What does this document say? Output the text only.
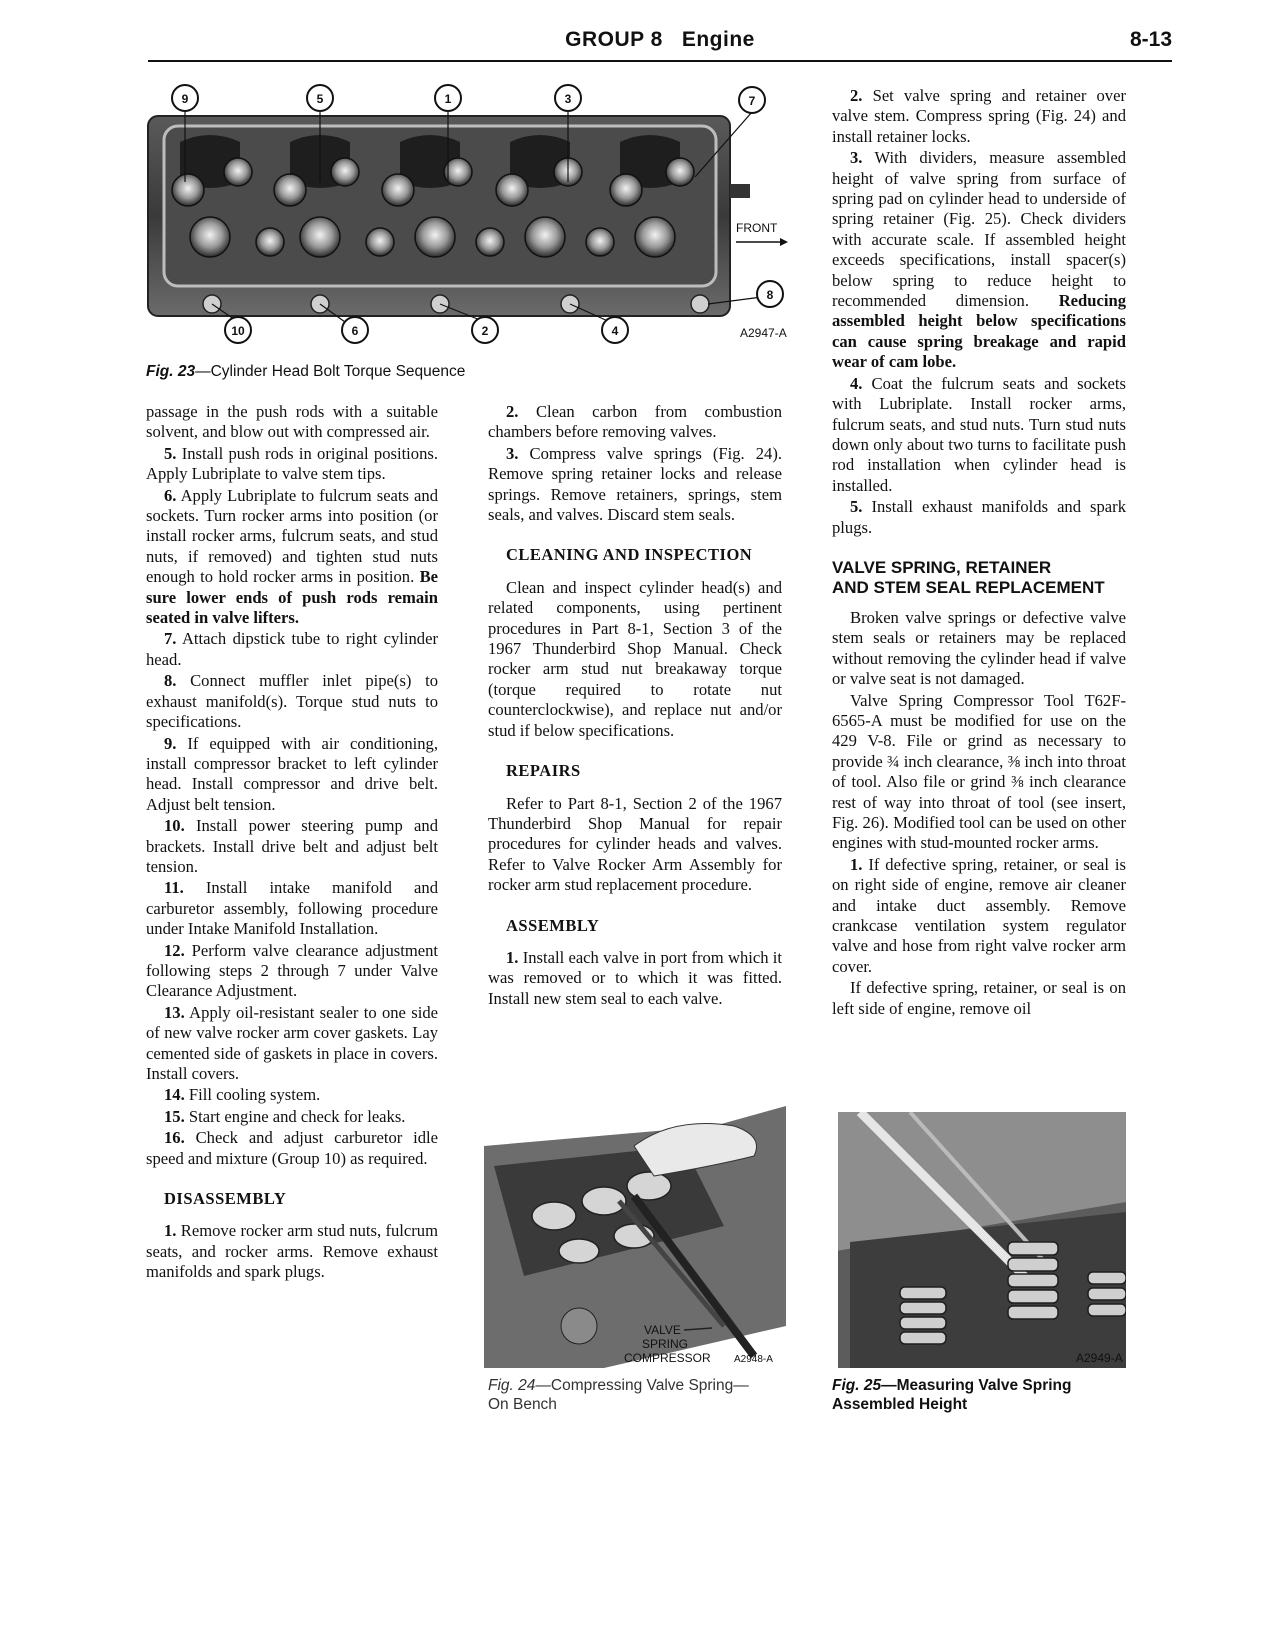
GROUP 8 Engine	8-13
FRONT
9	5	1	3	7
10	6	2	4
8
A2947-A
Fig. 23—Cylinder Head Bolt Torque Sequence

passage in the push rods with a suitable solvent, and blow out with compressed air.

5. Install push rods in original positions. Apply Lubriplate to valve stem tips.

6. Apply Lubriplate to fulcrum seats and sockets. Turn rocker arms into position (or install rocker arms, fulcrum seats, and stud nuts, if removed) and tighten stud nuts enough to hold rocker arms in position. Be sure lower ends of push rods remain seated in valve lifters.

7. Attach dipstick tube to right cylinder head.

8. Connect muffler inlet pipe(s) to exhaust manifold(s). Torque stud nuts to specifications.

9. If equipped with air conditioning, install compressor bracket to left cylinder head. Install compressor and drive belt. Adjust belt tension.

10. Install power steering pump and brackets. Install drive belt and adjust belt tension.

11. Install intake manifold and carburetor assembly, following procedure under Intake Manifold Installation.

12. Perform valve clearance adjustment following steps 2 through 7 under Valve Clearance Adjustment.

13. Apply oil-resistant sealer to one side of new valve rocker arm cover gaskets. Lay cemented side of gaskets in place in covers. Install covers.

14. Fill cooling system.

15. Start engine and check for leaks.

16. Check and adjust carburetor idle speed and mixture (Group 10) as required.

DISASSEMBLY

1. Remove rocker arm stud nuts, fulcrum seats, and rocker arms. Remove exhaust manifolds and spark plugs.

2. Clean carbon from combustion chambers before removing valves.

3. Compress valve springs (Fig. 24). Remove spring retainer locks and release springs. Remove retainers, springs, stem seals, and valves. Discard stem seals.

CLEANING AND INSPECTION

Clean and inspect cylinder head(s) and related components, using pertinent procedures in Part 8-1, Section 3 of the 1967 Thunderbird Shop Manual. Check rocker arm stud nut breakaway torque (torque required to rotate nut counterclockwise), and replace nut and/or stud if below specifications.

REPAIRS

Refer to Part 8-1, Section 2 of the 1967 Thunderbird Shop Manual for repair procedures for cylinder heads and valves. Refer to Valve Rocker Arm Assembly for rocker arm stud replacement procedure.

ASSEMBLY

1. Install each valve in port from which it was removed or to which it was fitted. Install new stem seal to each valve.

VALVE
SPRING
COMPRESSOR A2948-A
Fig. 24—Compressing Valve Spring—
On Bench

2. Set valve spring and retainer over valve stem. Compress spring (Fig. 24) and install retainer locks.

3. With dividers, measure assembled height of valve spring from surface of spring pad on cylinder head to underside of spring retainer (Fig. 25). Check dividers with accurate scale. If assembled height exceeds specifications, install spacer(s) below spring to reduce height to recommended dimension. Reducing assembled height below specifications can cause spring breakage and rapid wear of cam lobe.

4. Coat the fulcrum seats and sockets with Lubriplate. Install rocker arms, fulcrum seats, and stud nuts. Turn stud nuts down only about two turns to facilitate push rod installation when cylinder head is installed.

5. Install exhaust manifolds and spark plugs.

VALVE SPRING, RETAINER
AND STEM SEAL REPLACEMENT

Broken valve springs or defective valve stem seals or retainers may be replaced without removing the cylinder head if valve or valve seat is not damaged.

Valve Spring Compressor Tool T62F-6565-A must be modified for use on the 429 V-8. File or grind as necessary to provide ¾ inch clearance, ⅜ inch into throat of tool. Also file or grind ⅜ inch clearance rest of way into throat of tool (see insert, Fig. 26). Modified tool can be used on other engines with stud-mounted rocker arms.

1. If defective spring, retainer, or seal is on right side of engine, remove air cleaner and intake duct assembly. Remove crankcase ventilation system regulator valve and hose from right valve rocker arm cover.

If defective spring, retainer, or seal is on left side of engine, remove oil

A2949-A
Fig. 25—Measuring Valve Spring
Assembled Height
